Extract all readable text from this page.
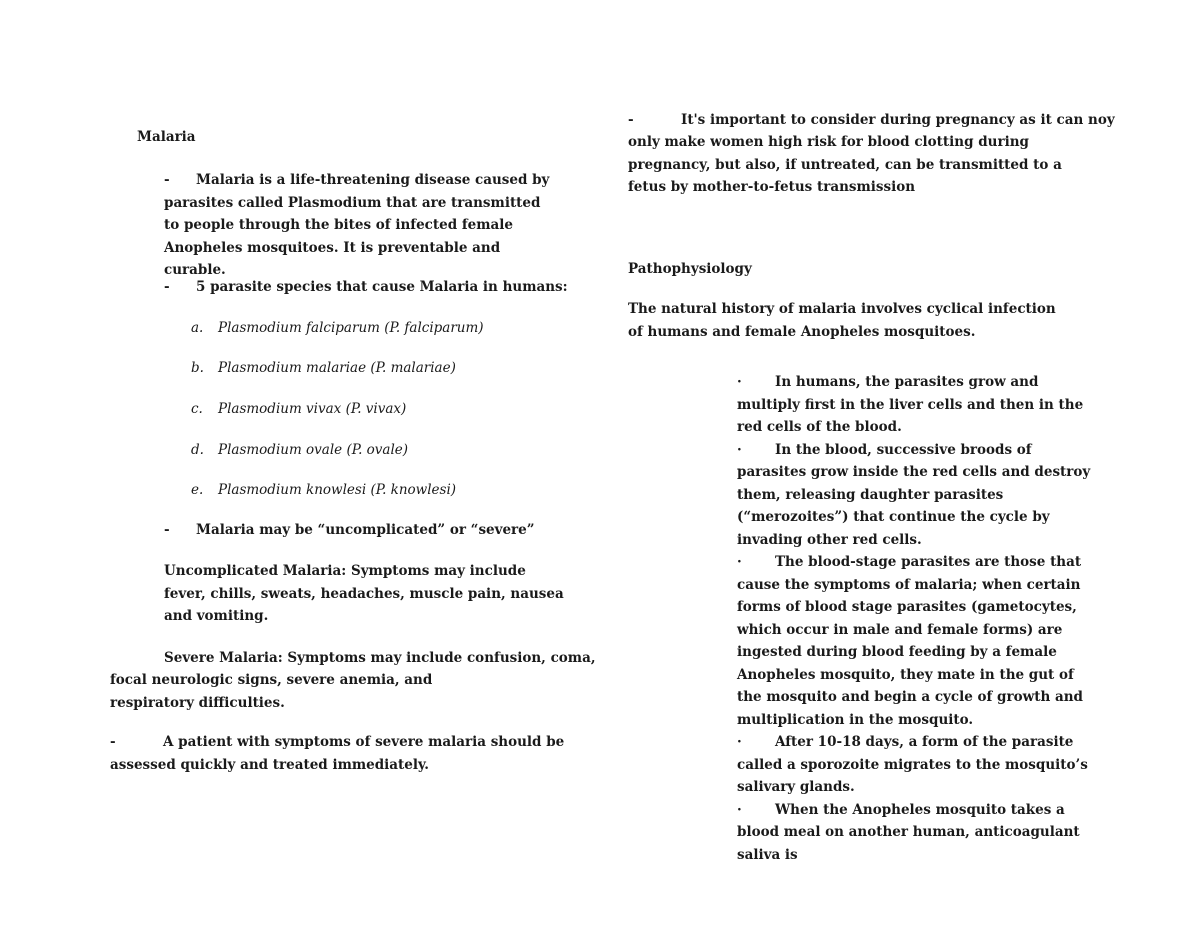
Malaria
- Malaria is a life-threatening disease caused by parasites called Plasmodium that are transmitted to people through the bites of infected female Anopheles mosquitoes. It is preventable and curable.
- 5 parasite species that cause Malaria in humans:
a. Plasmodium falciparum (P. falciparum)
b. Plasmodium malariae (P. malariae)
c. Plasmodium vivax (P. vivax)
d. Plasmodium ovale (P. ovale)
e. Plasmodium knowlesi (P. knowlesi)
- Malaria may be “uncomplicated” or “severe”
Uncomplicated Malaria: Symptoms may include fever, chills, sweats, headaches, muscle pain, nausea and vomiting.
Severe Malaria: Symptoms may include confusion, coma,
focal neurologic signs, severe anemia, and respiratory difficulties.
-	A patient with symptoms of severe malaria should be
assessed quickly and treated immediately.
-	It's important to consider during pregnancy as it can noy
only make women high risk for blood clotting during pregnancy, but also, if untreated, can be transmitted to a fetus by mother-to-fetus transmission
Pathophysiology
The natural history of malaria involves cyclical infection of humans and female Anopheles mosquitoes.
· In humans, the parasites grow and multiply first in the liver cells and then in the red cells of the blood.
· In the blood, successive broods of parasites grow inside the red cells and destroy them, releasing daughter parasites (“merozoites”) that continue the cycle by invading other red cells.
· The blood-stage parasites are those that cause the symptoms of malaria; when certain forms of blood stage parasites (gametocytes, which occur in male and female forms) are ingested during blood feeding by a female Anopheles mosquito, they mate in the gut of the mosquito and begin a cycle of growth and multiplication in the mosquito.
· After 10-18 days, a form of the parasite called a sporozoite migrates to the mosquito’s salivary glands.
· When the Anopheles mosquito takes a blood meal on another human, anticoagulant saliva is
